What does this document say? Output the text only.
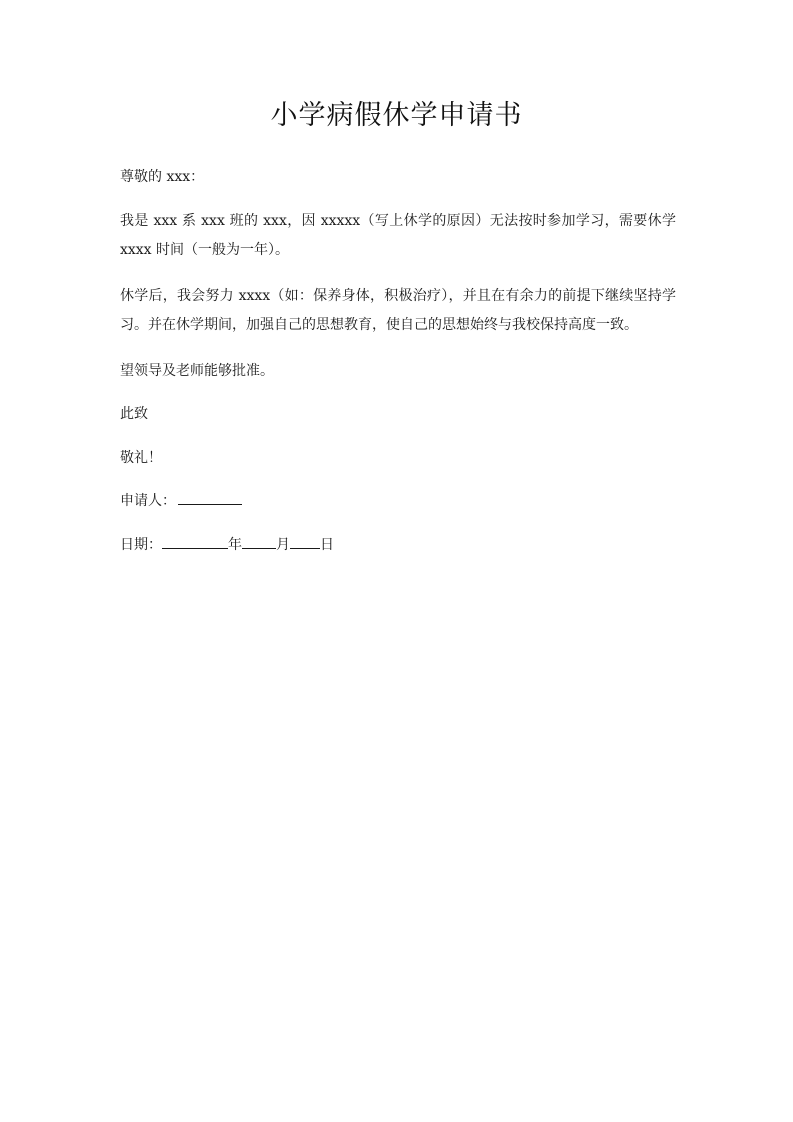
小学病假休学申请书
尊敬的 xxx：
我是 xxx 系 xxx 班的 xxx，因 xxxxx（写上休学的原因）无法按时参加学习，需要休学 xxxx 时间（一般为一年）。
休学后，我会努力 xxxx（如：保养身体，积极治疗），并且在有余力的前提下继续坚持学习。并在休学期间，加强自己的思想教育，使自己的思想始终与我校保持高度一致。
望领导及老师能够批准。
此致
敬礼！
申请人：
日期：	年 月 日
